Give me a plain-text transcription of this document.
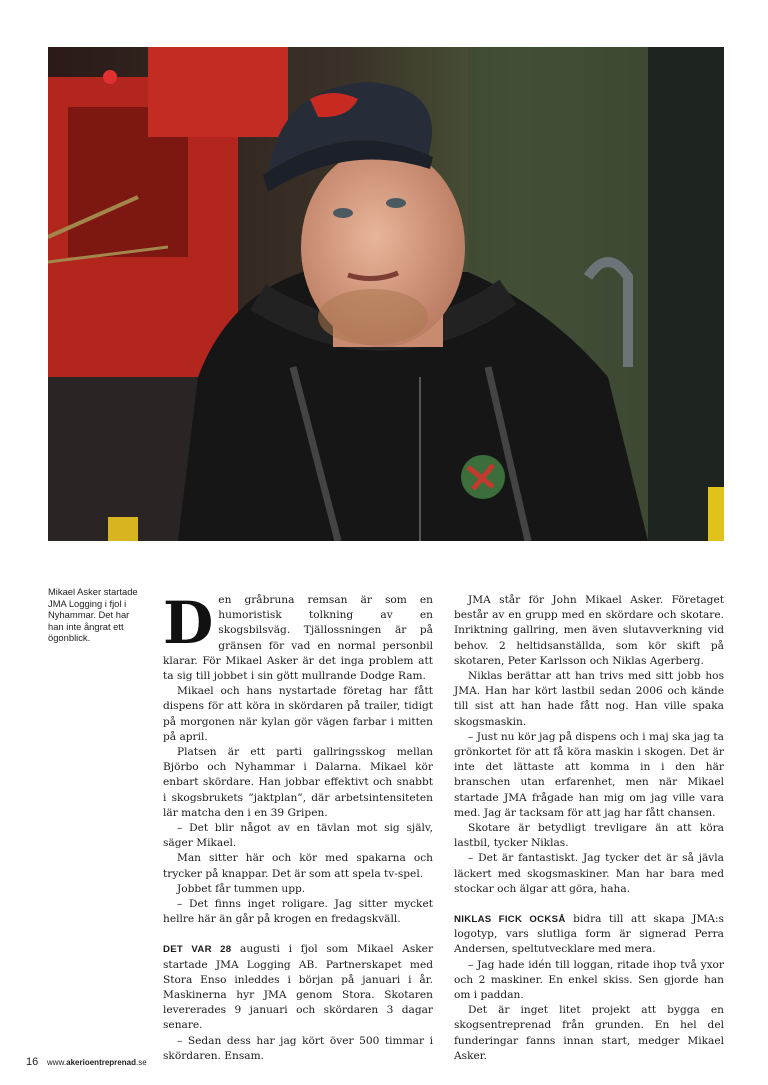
Mikael Asker startade JMA Logging i fjol i Nyhammar. Det har han inte ångrat ett ögonblick.	Den gråbruna remsan är som en humoristisk tolkning av en skogsbilsväg. Tjällossningen är på gränsen för vad en normal personbil klarar. För Mikael Asker är det inga problem att ta sig till jobbet i sin gött mullrande Dodge Ram.

Mikael och hans nystartade företag har fått dispens för att köra in skördaren på trailer, tidigt på morgonen när kylan gör vägen farbar i mitten på april.

Platsen är ett parti gallringsskog mellan Björbo och Nyhammar i Dalarna. Mikael kör enbart skördare. Han jobbar effektivt och snabbt i skogsbrukets ”jaktplan”, där arbetsintensiteten lär matcha den i en 39 Gripen.

– Det blir något av en tävlan mot sig själv, säger Mikael.

Man sitter här och kör med spakarna och trycker på knappar. Det är som att spela tv-spel.

Jobbet får tummen upp.

– Det finns inget roligare. Jag sitter mycket hellre här än går på krogen en fredagskväll.

DET VAR 28 augusti i fjol som Mikael Asker startade JMA Logging AB. Partnerskapet med Stora Enso inleddes i början på januari i år. Maskinerna hyr JMA genom Stora. Skotaren levererades 9 januari och skördaren 3 dagar senare.

– Sedan dess har jag kört över 500 timmar i skördaren. Ensam.

JMA står för John Mikael Asker. Företaget består av en grupp med en skördare och skotare. Inriktning gallring, men även slutavverkning vid behov. 2 heltidsanställda, som kör skift på skotaren, Peter Karlsson och Niklas Agerberg.

Niklas berättar att han trivs med sitt jobb hos JMA. Han har kört lastbil sedan 2006 och kände till sist att han hade fått nog. Han ville spaka skogsmaskin.

– Just nu kör jag på dispens och i maj ska jag ta grönkortet för att få köra maskin i skogen. Det är inte det lättaste att komma in i den här branschen utan erfarenhet, men när Mikael startade JMA frågade han mig om jag ville vara med. Jag är tacksam för att jag har fått chansen.

Skotare är betydligt trevligare än att köra lastbil, tycker Niklas.

– Det är fantastiskt. Jag tycker det är så jävla läckert med skogsmaskiner. Man har bara med stockar och älgar att göra, haha.

NIKLAS FICK OCKSÅ bidra till att skapa JMA:s logotyp, vars slutliga form är signerad Perra Andersen, speltutvecklare med mera.

– Jag hade idén till loggan, ritade ihop två yxor och 2 maskiner. En enkel skiss. Sen gjorde han om i paddan.

Det är inget litet projekt att bygga en skogsentreprenad från grunden. En hel del funderingar fanns innan start, medger Mikael Asker.

16 www.akerioentreprenad.se
